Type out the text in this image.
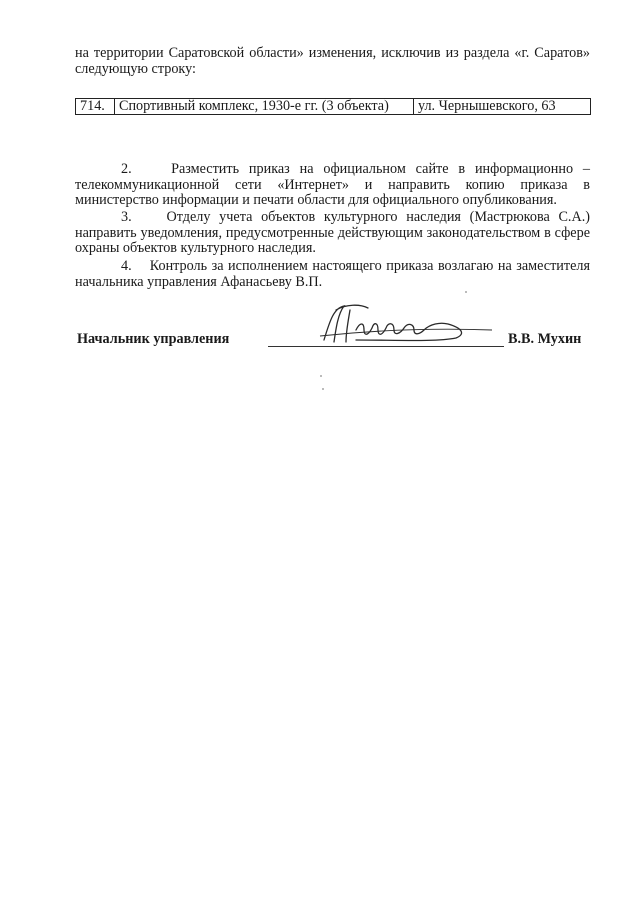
на территории Саратовской области» изменения, исключив из раздела «г. Саратов» следующую строку:

714.	Спортивный комплекс, 1930-е гг. (3 объекта)	ул. Чернышевского, 63

2.    Разместить приказ на официальном сайте в информационно – телекоммуникационной сети «Интернет» и направить копию приказа в министерство информации и печати области для официального опубликования.

3.    Отделу учета объектов культурного наследия (Мастрюкова С.А.) направить уведомления, предусмотренные действующим законодательством в сфере охраны объектов культурного наследия.

4.    Контроль за исполнением настоящего приказа возлагаю на заместителя начальника управления Афанасьеву В.П.

Начальник управления	В.В. Мухин
